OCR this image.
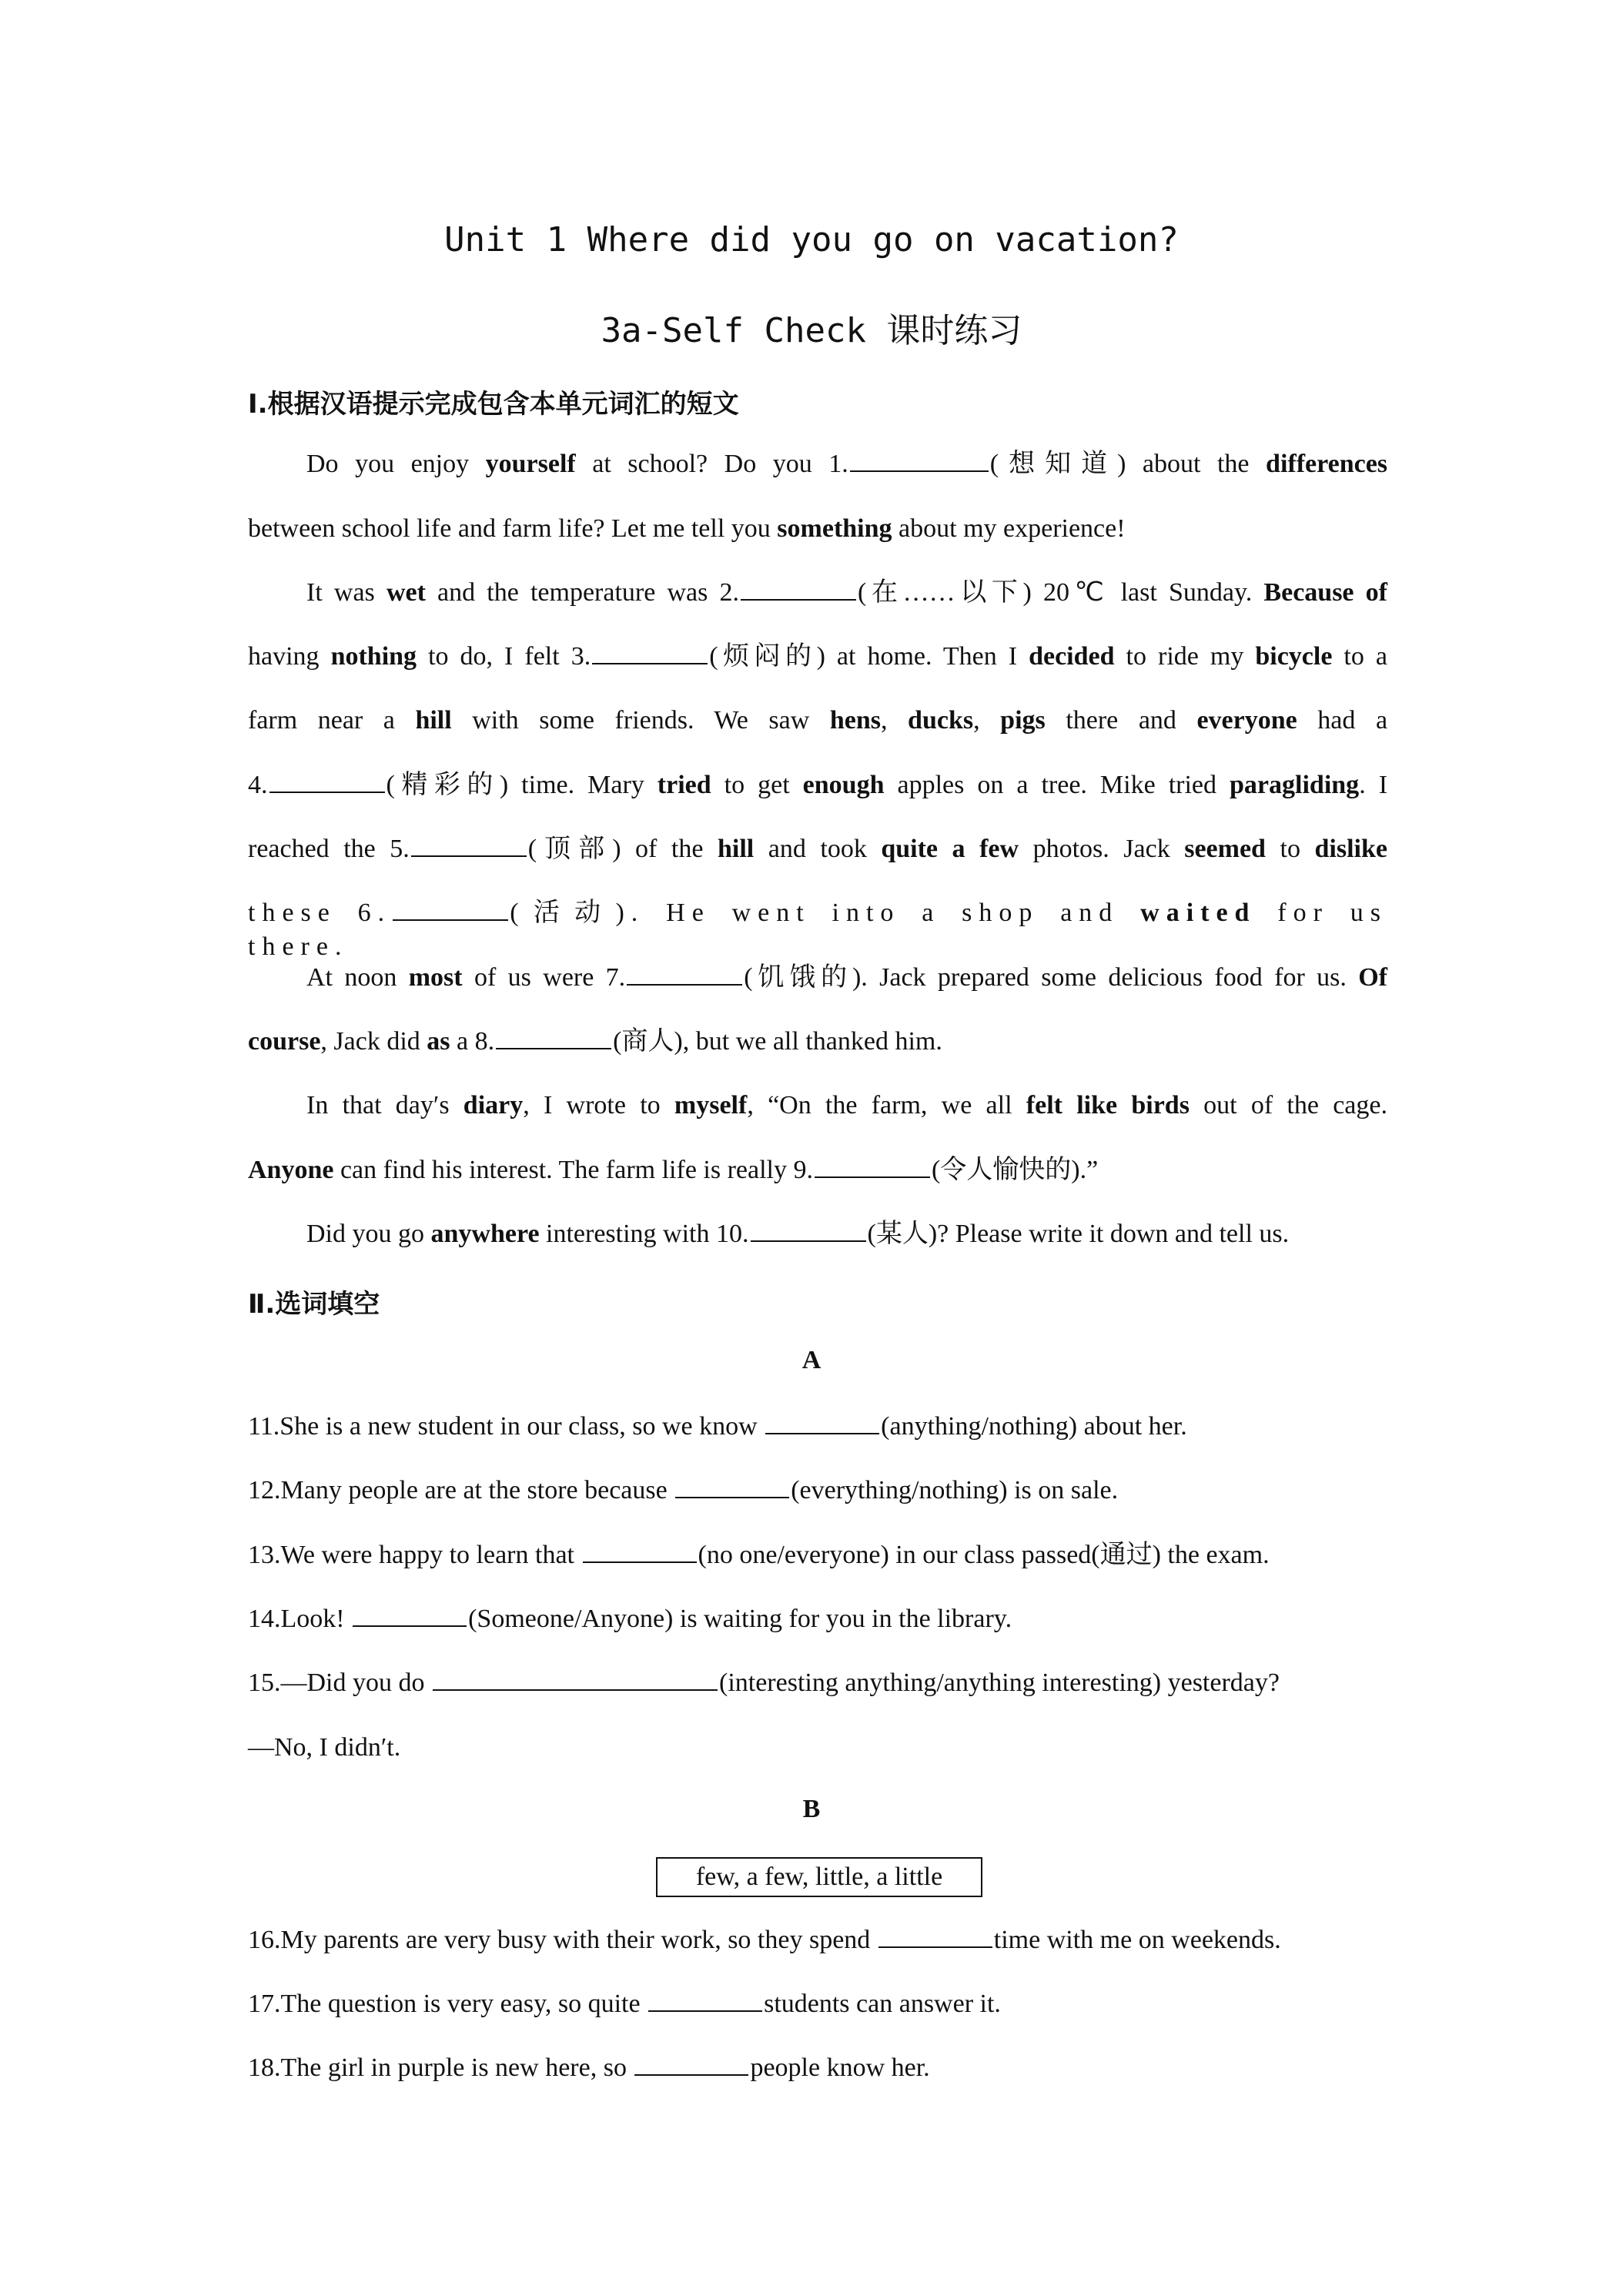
Unit 1 Where did you go on vacation?
3a-Self Check 课时练习
Ⅰ.根据汉语提示完成包含本单元词汇的短文
Do you enjoy yourself at school? Do you 1.	(想知道) about the differences
between school life and farm life? Let me tell you something about my experience!
It was wet and the temperature was 2.	(在……以下) 20℃ last Sunday. Because of
having nothing to do, I felt 3.	(烦闷的) at home. Then I decided to ride my bicycle to a
farm near a hill with some friends. We saw hens, ducks, pigs there and everyone had a
4.	(精彩的) time. Mary tried to get enough apples on a tree. Mike tried paragliding. I
reached the 5.	(顶部) of the hill and took quite a few photos. Jack seemed to dislike
these 6.	(活动). He went into a shop and waited for us there.
At noon most of us were 7.	(饥饿的). Jack prepared some delicious food for us. Of
course, Jack did as a 8.	(商人), but we all thanked him.
In that day′s diary, I wrote to myself, “On the farm, we all felt like birds out of the cage.
Anyone can find his interest. The farm life is really 9.	(令人愉快的).”
Did you go anywhere interesting with 10.	(某人)? Please write it down and tell us.
Ⅱ.选词填空
A
11.She is a new student in our class, so we know	(anything/nothing) about her.
12.Many people are at the store because	(everything/nothing) is on sale.
13.We were happy to learn that	(no one/everyone) in our class passed(通过) the exam.
14.Look!	(Someone/Anyone) is waiting for you in the library.
15.—Did you do	(interesting anything/anything interesting) yesterday?
—No, I didn′t.
B
few, a few, little, a little
16.My parents are very busy with their work, so they spend	time with me on weekends.
17.The question is very easy, so quite	students can answer it.
18.The girl in purple is new here, so	people know her.
